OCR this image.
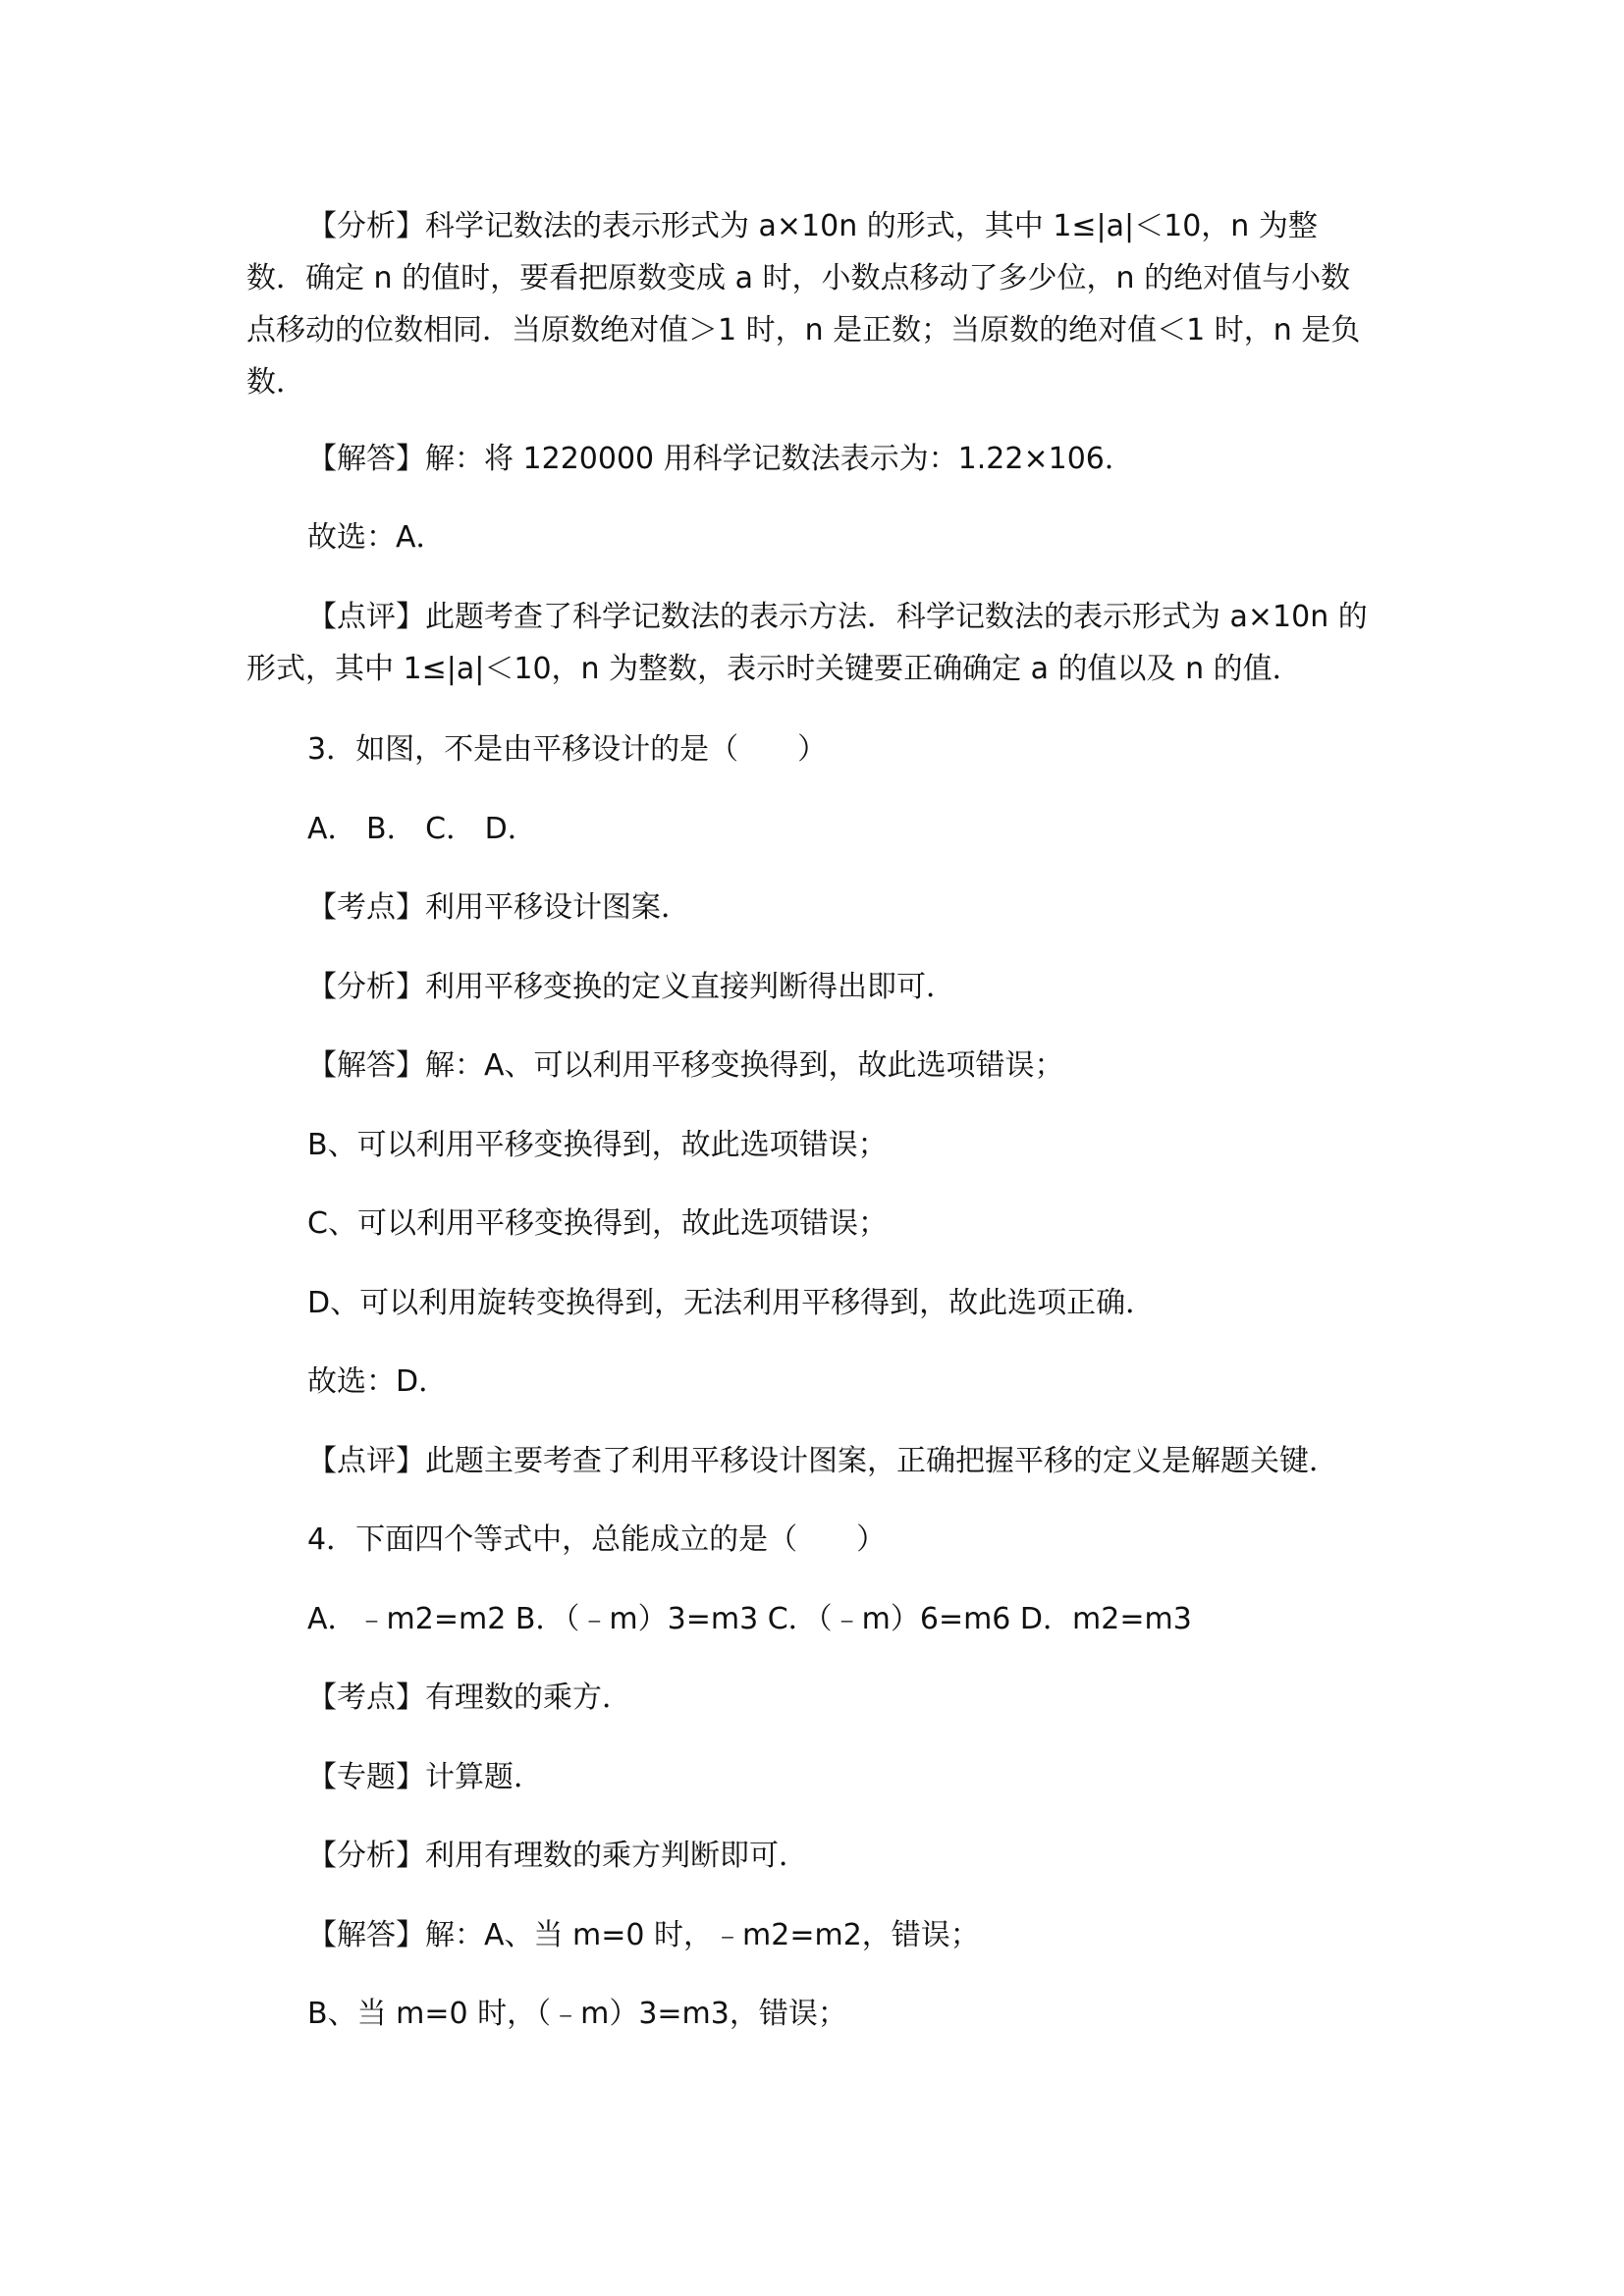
【分析】科学记数法的表示形式为 a×10n 的形式，其中 1≤|a|＜10，n 为整
数．确定 n 的值时，要看把原数变成 a 时，小数点移动了多少位，n 的绝对值与小数
点移动的位数相同．当原数绝对值＞1 时，n 是正数；当原数的绝对值＜1 时，n 是负
数．
【解答】解：将 1220000 用科学记数法表示为：1.22×106．
故选：A．
【点评】此题考查了科学记数法的表示方法．科学记数法的表示形式为 a×10n 的
形式，其中 1≤|a|＜10，n 为整数，表示时关键要正确确定 a 的值以及 n 的值．
3．如图，不是由平移设计的是（　　）
A． B． C． D．
【考点】利用平移设计图案．
【分析】利用平移变换的定义直接判断得出即可．
【解答】解：A、可以利用平移变换得到，故此选项错误；
B、可以利用平移变换得到，故此选项错误；
C、可以利用平移变换得到，故此选项错误；
D、可以利用旋转变换得到，无法利用平移得到，故此选项正确．
故选：D．
【点评】此题主要考查了利用平移设计图案，正确把握平移的定义是解题关键．
4．下面四个等式中，总能成立的是（　　）
A．﹣m2=m2 B．（﹣m）3=m3 C．（﹣m）6=m6 D．m2=m3
【考点】有理数的乘方．
【专题】计算题．
【分析】利用有理数的乘方判断即可．
【解答】解：A、当 m=0 时，﹣m2=m2，错误；
B、当 m=0 时，（﹣m）3=m3，错误；
